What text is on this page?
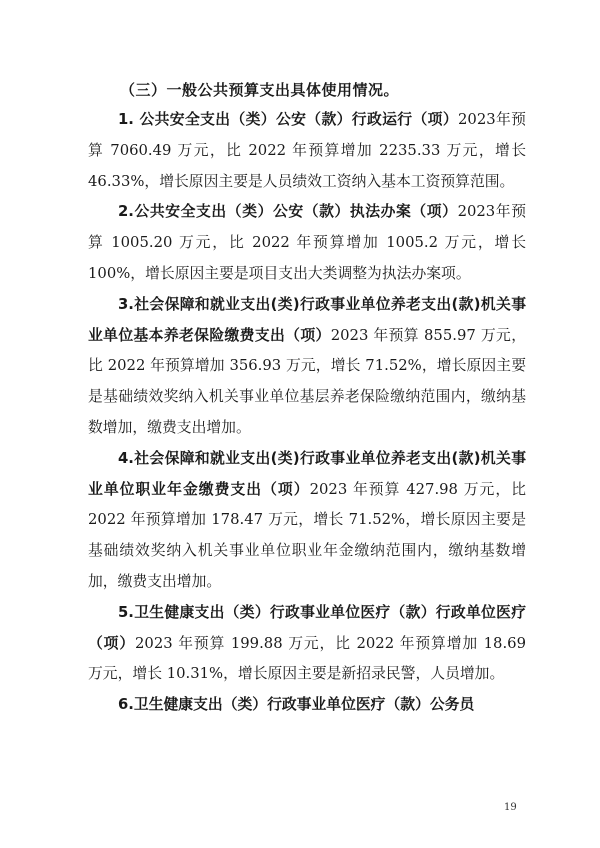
（三）一般公共预算支出具体使用情况。

1. 公共安全支出（类）公安（款）行政运行（项）2023年预算 7060.49 万元，比 2022 年预算增加 2235.33 万元，增长 46.33%，增长原因主要是人员绩效工资纳入基本工资预算范围。

2.公共安全支出（类）公安（款）执法办案（项）2023年预算 1005.20 万元，比 2022 年预算增加 1005.2 万元，增长 100%，增长原因主要是项目支出大类调整为执法办案项。

3.社会保障和就业支出(类)行政事业单位养老支出(款)机关事业单位基本养老保险缴费支出（项）2023 年预算 855.97 万元，比 2022 年预算增加 356.93 万元，增长 71.52%，增长原因主要是基础绩效奖纳入机关事业单位基层养老保险缴纳范围内，缴纳基数增加，缴费支出增加。

4.社会保障和就业支出(类)行政事业单位养老支出(款)机关事业单位职业年金缴费支出（项）2023 年预算 427.98 万元，比 2022 年预算增加 178.47 万元，增长 71.52%，增长原因主要是基础绩效奖纳入机关事业单位职业年金缴纳范围内，缴纳基数增加，缴费支出增加。

5.卫生健康支出（类）行政事业单位医疗（款）行政单位医疗（项）2023 年预算 199.88 万元，比 2022 年预算增加 18.69 万元，增长 10.31%，增长原因主要是新招录民警，人员增加。

6.卫生健康支出（类）行政事业单位医疗（款）公务员

19
